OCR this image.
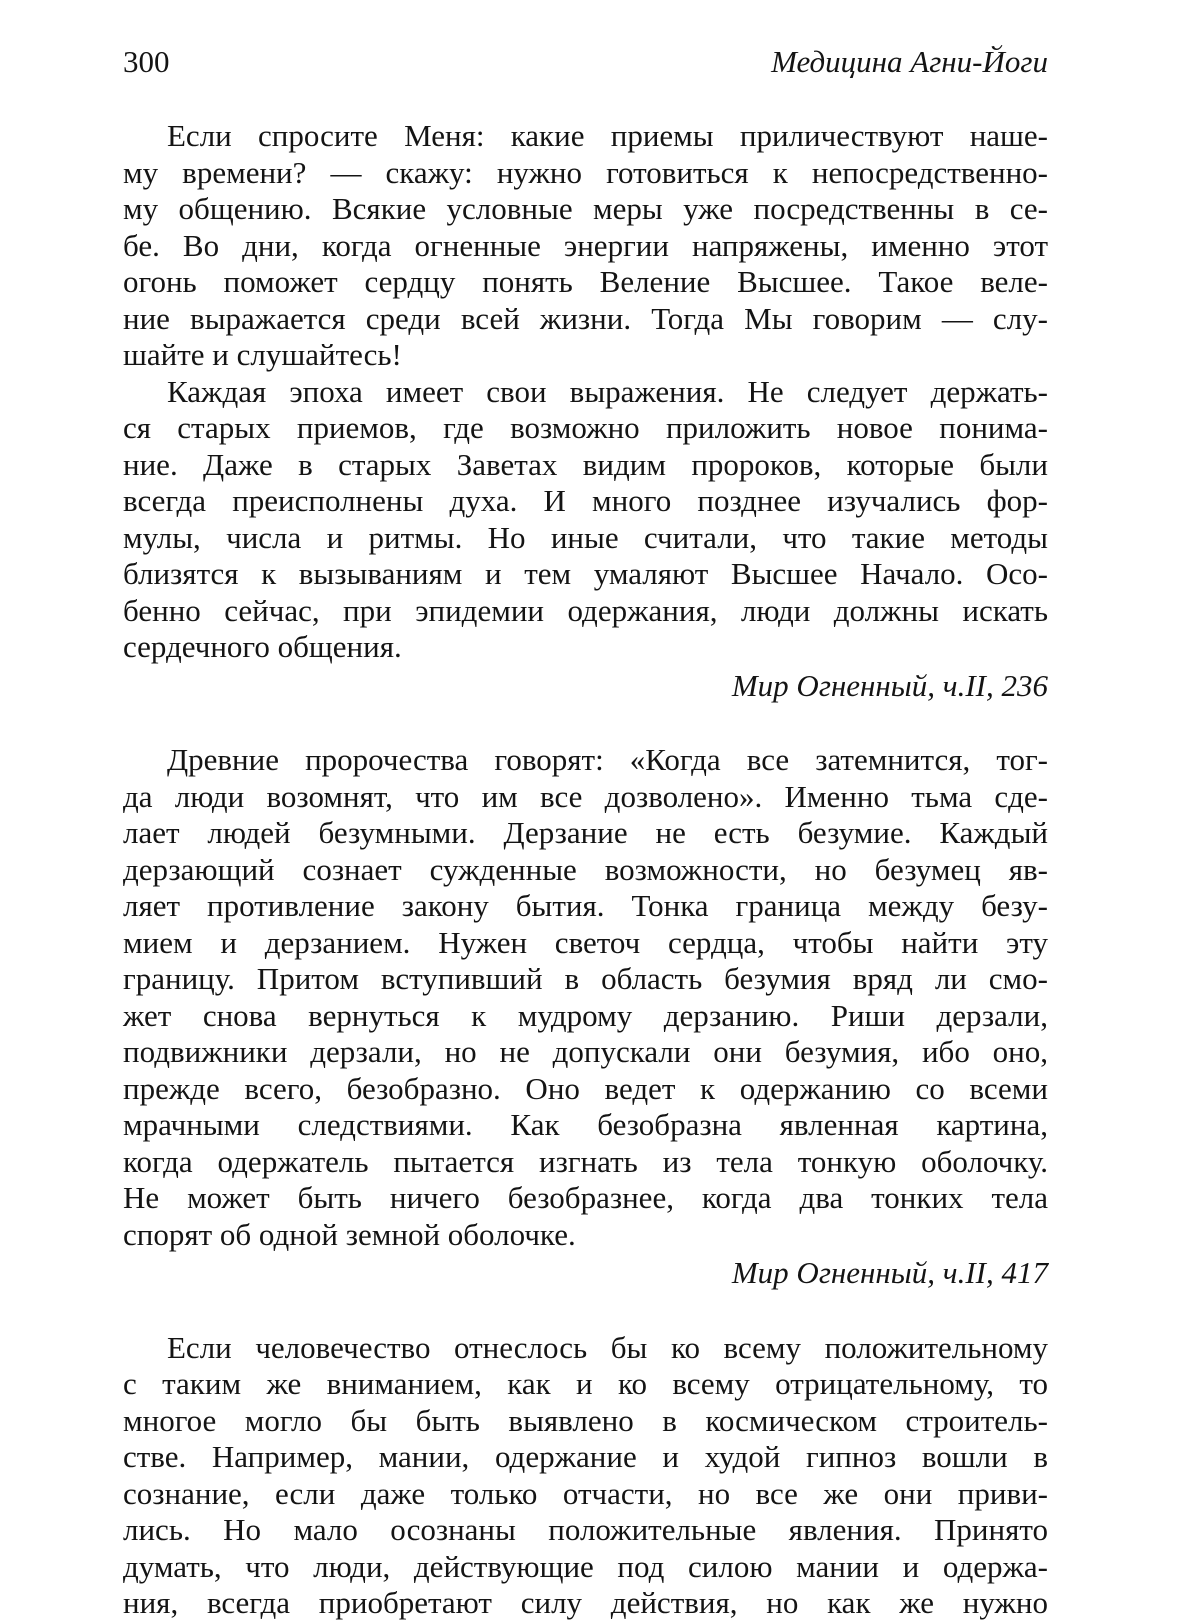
300	Медицина Агни-Йоги

Если спросите Меня: какие приемы приличествуют наше-
му времени? — скажу: нужно готовиться к непосредственно-
му общению. Всякие условные меры уже посредственны в се-
бе. Во дни, когда огненные энергии напряжены, именно этот
огонь поможет сердцу понять Веление Высшее. Такое веле-
ние выражается среди всей жизни. Тогда Мы говорим — слу-
шайте и слушайтесь!

Каждая эпоха имеет свои выражения. Не следует держать-
ся старых приемов, где возможно приложить новое понима-
ние. Даже в старых Заветах видим пророков, которые были
всегда преисполнены духа. И много позднее изучались фор-
мулы, числа и ритмы. Но иные считали, что такие методы
близятся к вызываниям и тем умаляют Высшее Начало. Осо-
бенно сейчас, при эпидемии одержания, люди должны искать
сердечного общения.

Мир Огненный, ч.II, 236

Древние пророчества говорят: «Когда все затемнится, тог-
да люди возомнят, что им все дозволено». Именно тьма сде-
лает людей безумными. Дерзание не есть безумие. Каждый
дерзающий сознает сужденные возможности, но безумец яв-
ляет противление закону бытия. Тонка граница между безу-
мием и дерзанием. Нужен светоч сердца, чтобы найти эту
границу. Притом вступивший в область безумия вряд ли смо-
жет снова вернуться к мудрому дерзанию. Риши дерзали,
подвижники дерзали, но не допускали они безумия, ибо оно,
прежде всего, безобразно. Оно ведет к одержанию со всеми
мрачными следствиями. Как безобразна явленная картина,
когда одержатель пытается изгнать из тела тонкую оболочку.
Не может быть ничего безобразнее, когда два тонких тела
спорят об одной земной оболочке.

Мир Огненный, ч.II, 417

Если человечество отнеслось бы ко всему положительному
с таким же вниманием, как и ко всему отрицательному, то
многое могло бы быть выявлено в космическом строитель-
стве. Например, мании, одержание и худой гипноз вошли в
сознание, если даже только отчасти, но все же они приви-
лись. Но мало осознаны положительные явления. Принято
думать, что люди, действующие под силою мании и одержа-
ния, всегда приобретают силу действия, но как же нужно
